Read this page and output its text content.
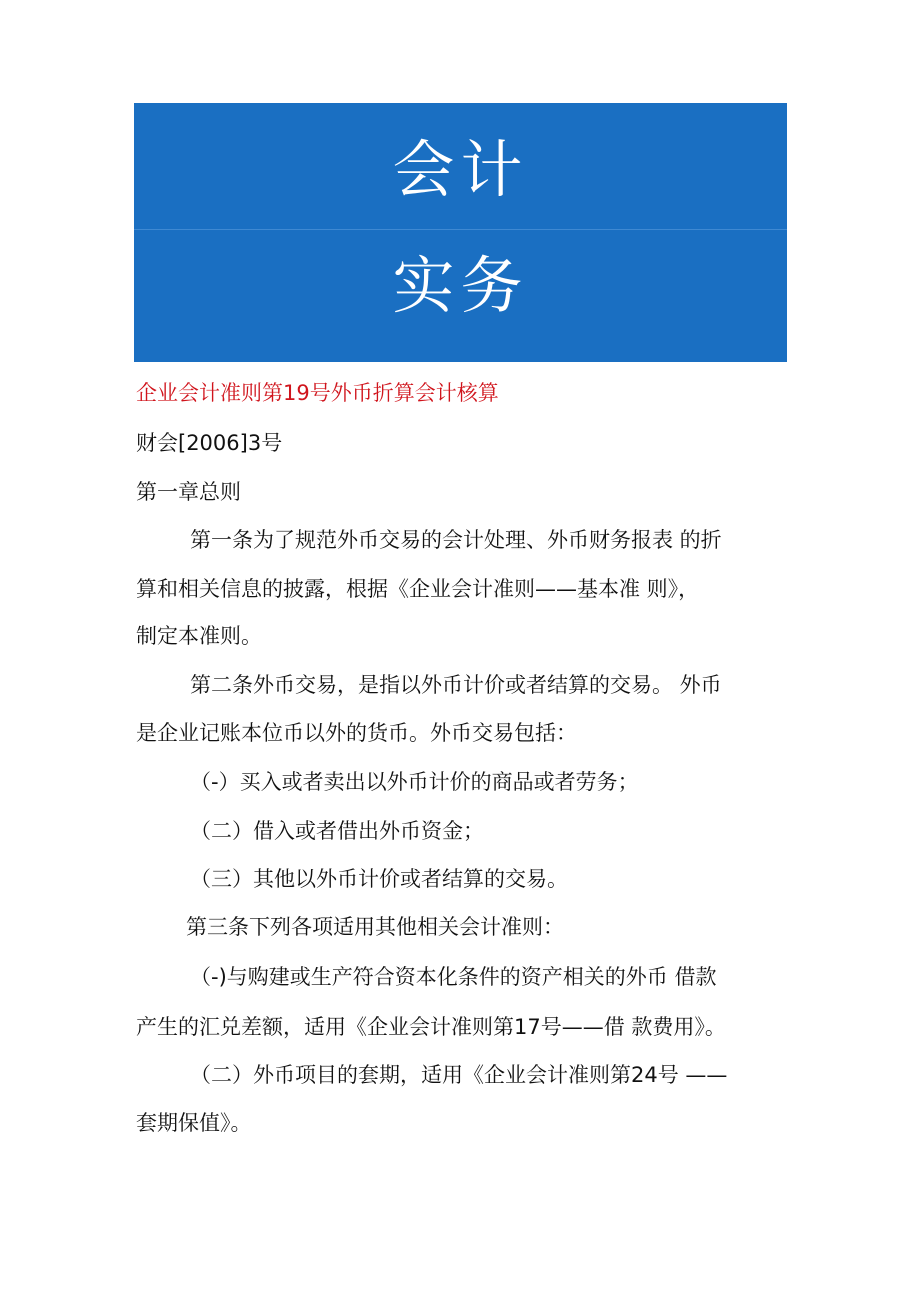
会计
实务
企业会计准则第19号外币折算会计核算
财会[2006]3号
第一章总则
第一条为了规范外币交易的会计处理、外币财务报表 的折
算和相关信息的披露，根据《企业会计准则——基本准 则》，
制定本准则。
第二条外币交易，是指以外币计价或者结算的交易。 外币
是企业记账本位币以外的货币。外币交易包括：
（-）买入或者卖出以外币计价的商品或者劳务；
（二）借入或者借出外币资金；
（三）其他以外币计价或者结算的交易。
第三条下列各项适用其他相关会计准则：
（-)与购建或生产符合资本化条件的资产相关的外币 借款
产生的汇兑差额，适用《企业会计准则第17号——借 款费用》。
（二）外币项目的套期，适用《企业会计准则第24号 ——
套期保值》。
